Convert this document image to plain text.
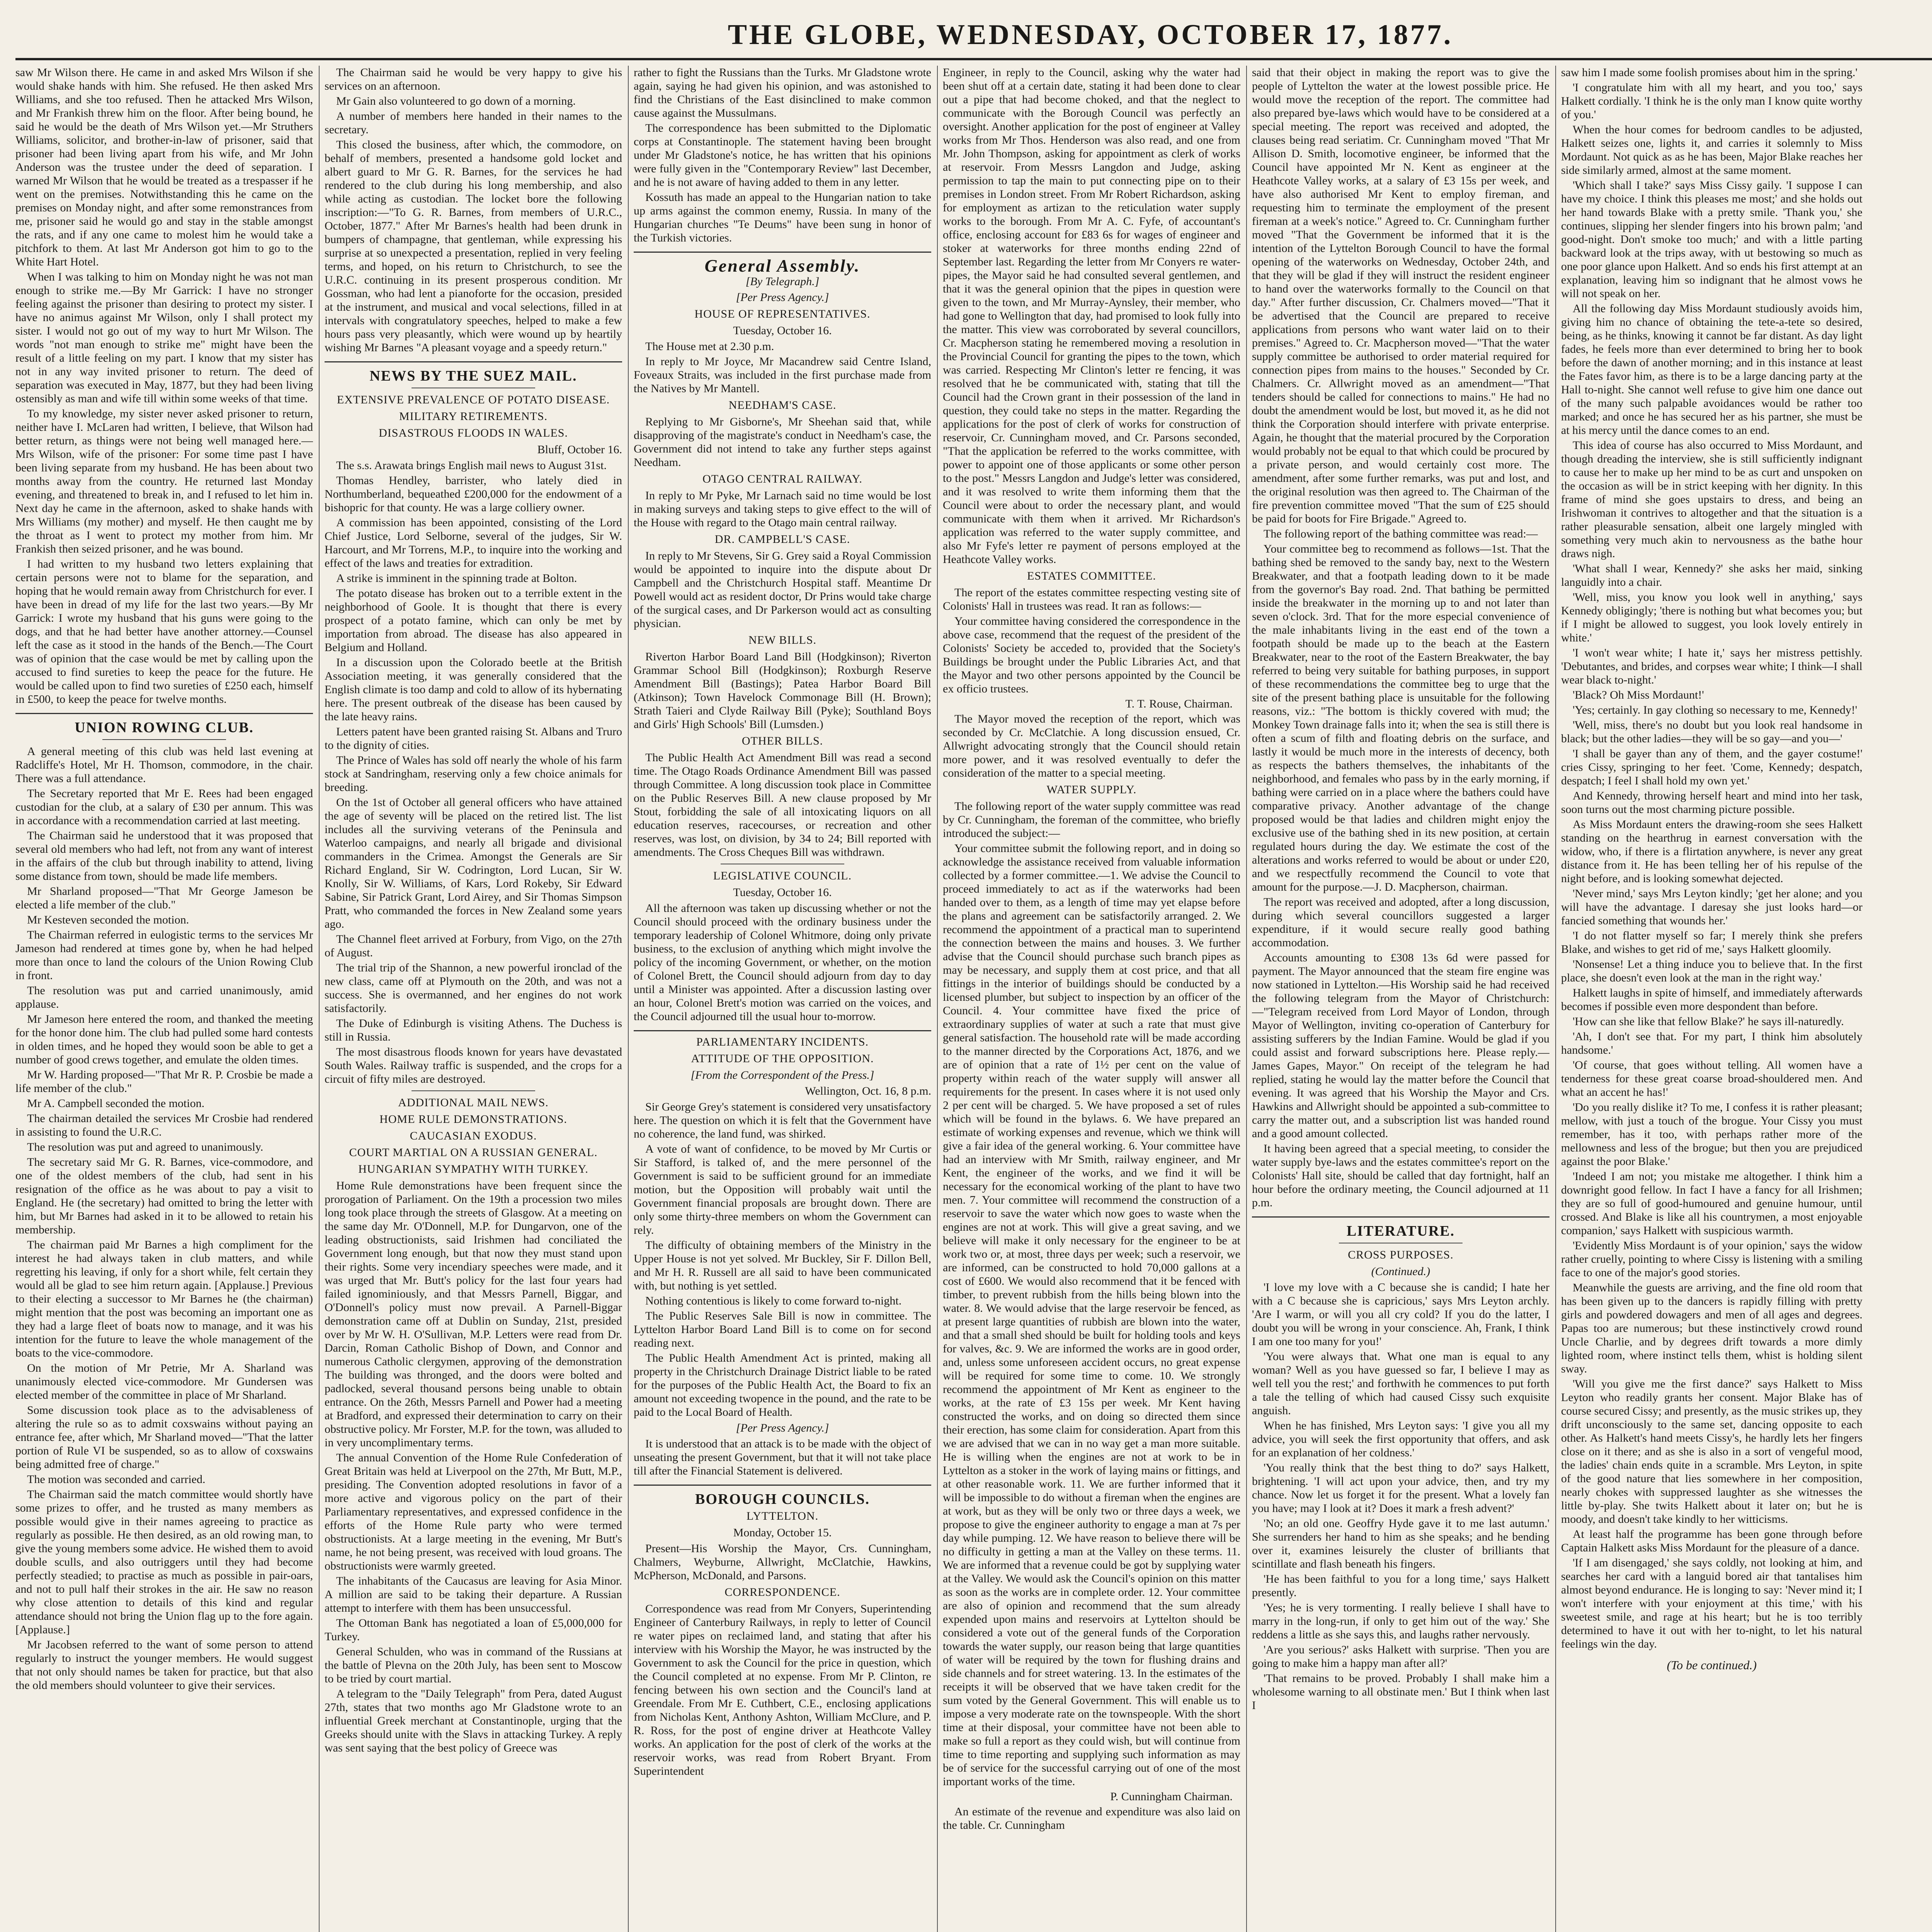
THE GLOBE, WEDNESDAY, OCTOBER 17, 1877.

saw Mr Wilson there. He came in and asked Mrs Wilson if she would shake hands with him. She refused. He then asked Mrs Williams, and she too refused. Then he attacked Mrs Wilson, and Mr Frankish threw him on the floor. After being bound, he said he would be the death of Mrs Wilson yet.—Mr Struthers Williams, solicitor, and brother-in-law of prisoner, said that prisoner had been living apart from his wife, and Mr John Anderson was the trustee under the deed of separation. I warned Mr Wilson that he would be treated as a trespasser if he went on the premises. Notwithstanding this he came on the premises on Monday night, and after some remonstrances from me, prisoner said he would go and stay in the stable amongst the rats, and if any one came to molest him he would take a pitchfork to them. At last Mr Anderson got him to go to the White Hart Hotel.

When I was talking to him on Monday night he was not man enough to strike me.—By Mr Garrick: I have no stronger feeling against the prisoner than desiring to protect my sister. I have no animus against Mr Wilson, only I shall protect my sister. I would not go out of my way to hurt Mr Wilson. The words "not man enough to strike me" might have been the result of a little feeling on my part. I know that my sister has not in any way invited prisoner to return. The deed of separation was executed in May, 1877, but they had been living ostensibly as man and wife till within some weeks of that time.

To my knowledge, my sister never asked prisoner to return, neither have I. McLaren had written, I believe, that Wilson had better return, as things were not being well managed here.—Mrs Wilson, wife of the prisoner: For some time past I have been living separate from my husband. He has been about two months away from the country. He returned last Monday evening, and threatened to break in, and I refused to let him in. Next day he came in the afternoon, asked to shake hands with Mrs Williams (my mother) and myself. He then caught me by the throat as I went to protect my mother from him. Mr Frankish then seized prisoner, and he was bound.

I had written to my husband two letters explaining that certain persons were not to blame for the separation, and hoping that he would remain away from Christchurch for ever. I have been in dread of my life for the last two years.—By Mr Garrick: I wrote my husband that his guns were going to the dogs, and that he had better have another attorney.—Counsel left the case as it stood in the hands of the Bench.—The Court was of opinion that the case would be met by calling upon the accused to find sureties to keep the peace for the future. He would be called upon to find two sureties of £250 each, himself in £500, to keep the peace for twelve months.

UNION ROWING CLUB.

A general meeting of this club was held last evening at Radcliffe's Hotel, Mr H. Thomson, commodore, in the chair. There was a full attendance.

The Secretary reported that Mr E. Rees had been engaged custodian for the club, at a salary of £30 per annum. This was in accordance with a recommendation carried at last meeting.

The Chairman said he understood that it was proposed that several old members who had left, not from any want of interest in the affairs of the club but through inability to attend, living some distance from town, should be made life members.

Mr Sharland proposed—"That Mr George Jameson be elected a life member of the club."

Mr Kesteven seconded the motion.

The Chairman referred in eulogistic terms to the services Mr Jameson had rendered at times gone by, when he had helped more than once to land the colours of the Union Rowing Club in front.

The resolution was put and carried unanimously, amid applause.

Mr Jameson here entered the room, and thanked the meeting for the honor done him. The club had pulled some hard contests in olden times, and he hoped they would soon be able to get a number of good crews together, and emulate the olden times.

Mr W. Harding proposed—"That Mr R. P. Crosbie be made a life member of the club."

Mr A. Campbell seconded the motion.

The chairman detailed the services Mr Crosbie had rendered in assisting to found the U.R.C.

The resolution was put and agreed to unanimously.

The secretary said Mr G. R. Barnes, vice-commodore, and one of the oldest members of the club, had sent in his resignation of the office as he was about to pay a visit to England. He (the secretary) had omitted to bring the letter with him, but Mr Barnes had asked in it to be allowed to retain his membership.

The chairman paid Mr Barnes a high compliment for the interest he had always taken in club matters, and while regretting his leaving, if only for a short while, felt certain they would all be glad to see him return again. [Applause.] Previous to their electing a successor to Mr Barnes he (the chairman) might mention that the post was becoming an important one as they had a large fleet of boats now to manage, and it was his intention for the future to leave the whole management of the boats to the vice-commodore.

On the motion of Mr Petrie, Mr A. Sharland was unanimously elected vice-commodore. Mr Gundersen was elected member of the committee in place of Mr Sharland.

Some discussion took place as to the advisableness of altering the rule so as to admit coxswains without paying an entrance fee, after which, Mr Sharland moved—"That the latter portion of Rule VI be suspended, so as to allow of coxswains being admitted free of charge."

The motion was seconded and carried.

The Chairman said the match committee would shortly have some prizes to offer, and he trusted as many members as possible would give in their names agreeing to practice as regularly as possible. He then desired, as an old rowing man, to give the young members some advice. He wished them to avoid double sculls, and also outriggers until they had become perfectly steadied; to practise as much as possible in pair-oars, and not to pull half their strokes in the air. He saw no reason why close attention to details of this kind and regular attendance should not bring the Union flag up to the fore again. [Applause.]

Mr Jacobsen referred to the want of some person to attend regularly to instruct the younger members. He would suggest that not only should names be taken for practice, but that also the old members should volunteer to give their services.

The Chairman said he would be very happy to give his services on an afternoon.

Mr Gain also volunteered to go down of a morning.

A number of members here handed in their names to the secretary.

This closed the business, after which, the commodore, on behalf of members, presented a handsome gold locket and albert guard to Mr G. R. Barnes, for the services he had rendered to the club during his long membership, and also while acting as custodian. The locket bore the following inscription:—"To G. R. Barnes, from members of U.R.C., October, 1877." After Mr Barnes's health had been drunk in bumpers of champagne, that gentleman, while expressing his surprise at so unexpected a presentation, replied in very feeling terms, and hoped, on his return to Christchurch, to see the U.R.C. continuing in its present prosperous condition. Mr Gossman, who had lent a pianoforte for the occasion, presided at the instrument, and musical and vocal selections, filled in at intervals with congratulatory speeches, helped to make a few hours pass very pleasantly, which were wound up by heartily wishing Mr Barnes "A pleasant voyage and a speedy return."

NEWS BY THE SUEZ MAIL.
EXTENSIVE PREVALENCE OF POTATO DISEASE.
MILITARY RETIREMENTS.
DISASTROUS FLOODS IN WALES.
Bluff, October 16.

The s.s. Arawata brings English mail news to August 31st.

Thomas Hendley, barrister, who lately died in Northumberland, bequeathed £200,000 for the endowment of a bishopric for that county. He was a large colliery owner.

A commission has been appointed, consisting of the Lord Chief Justice, Lord Selborne, several of the judges, Sir W. Harcourt, and Mr Torrens, M.P., to inquire into the working and effect of the laws and treaties for extradition.

A strike is imminent in the spinning trade at Bolton.

The potato disease has broken out to a terrible extent in the neighborhood of Goole. It is thought that there is every prospect of a potato famine, which can only be met by importation from abroad. The disease has also appeared in Belgium and Holland.

In a discussion upon the Colorado beetle at the British Association meeting, it was generally considered that the English climate is too damp and cold to allow of its hybernating here. The present outbreak of the disease has been caused by the late heavy rains.

Letters patent have been granted raising St. Albans and Truro to the dignity of cities.

The Prince of Wales has sold off nearly the whole of his farm stock at Sandringham, reserving only a few choice animals for breeding.

On the 1st of October all general officers who have attained the age of seventy will be placed on the retired list. The list includes all the surviving veterans of the Peninsula and Waterloo campaigns, and nearly all brigade and divisional commanders in the Crimea. Amongst the Generals are Sir Richard England, Sir W. Codrington, Lord Lucan, Sir W. Knolly, Sir W. Williams, of Kars, Lord Rokeby, Sir Edward Sabine, Sir Patrick Grant, Lord Airey, and Sir Thomas Simpson Pratt, who commanded the forces in New Zealand some years ago.

The Channel fleet arrived at Forbury, from Vigo, on the 27th of August.

The trial trip of the Shannon, a new powerful ironclad of the new class, came off at Plymouth on the 20th, and was not a success. She is overmanned, and her engines do not work satisfactorily.

The Duke of Edinburgh is visiting Athens. The Duchess is still in Russia.

The most disastrous floods known for years have devastated South Wales. Railway traffic is suspended, and the crops for a circuit of fifty miles are destroyed.

ADDITIONAL MAIL NEWS.
HOME RULE DEMONSTRATIONS.
CAUCASIAN EXODUS.
COURT MARTIAL ON A RUSSIAN GENERAL.
HUNGARIAN SYMPATHY WITH TURKEY.

Home Rule demonstrations have been frequent since the prorogation of Parliament. On the 19th a procession two miles long took place through the streets of Glasgow. At a meeting on the same day Mr. O'Donnell, M.P. for Dungarvon, one of the leading obstructionists, said Irishmen had conciliated the Government long enough, but that now they must stand upon their rights. Some very incendiary speeches were made, and it was urged that Mr. Butt's policy for the last four years had failed ignominiously, and that Messrs Parnell, Biggar, and O'Donnell's policy must now prevail. A Parnell-Biggar demonstration came off at Dublin on Sunday, 21st, presided over by Mr W. H. O'Sullivan, M.P. Letters were read from Dr. Darcin, Roman Catholic Bishop of Down, and Connor and numerous Catholic clergymen, approving of the demonstration The building was thronged, and the doors were bolted and padlocked, several thousand persons being unable to obtain entrance. On the 26th, Messrs Parnell and Power had a meeting at Bradford, and expressed their determination to carry on their obstructive policy. Mr Forster, M.P. for the town, was alluded to in very uncomplimentary terms.

The annual Convention of the Home Rule Confederation of Great Britain was held at Liverpool on the 27th, Mr Butt, M.P., presiding. The Convention adopted resolutions in favor of a more active and vigorous policy on the part of their Parliamentary representatives, and expressed confidence in the efforts of the Home Rule party who were termed obstructionists. At a large meeting in the evening, Mr Butt's name, he not being present, was received with loud groans. The obstructionists were warmly greeted.

The inhabitants of the Caucasus are leaving for Asia Minor. A million are said to be taking their departure. A Russian attempt to interfere with them has been unsuccessful.

The Ottoman Bank has negotiated a loan of £5,000,000 for Turkey.

General Schulden, who was in command of the Russians at the battle of Plevna on the 20th July, has been sent to Moscow to be tried by court martial.

A telegram to the "Daily Telegraph" from Pera, dated August 27th, states that two months ago Mr Gladstone wrote to an influential Greek merchant at Constantinople, urging that the Greeks should unite with the Slavs in attacking Turkey. A reply was sent saying that the best policy of Greece was

rather to fight the Russians than the Turks. Mr Gladstone wrote again, saying he had given his opinion, and was astonished to find the Christians of the East disinclined to make common cause against the Mussulmans.

The correspondence has been submitted to the Diplomatic corps at Constantinople. The statement having been brought under Mr Gladstone's notice, he has written that his opinions were fully given in the "Contemporary Review" last December, and he is not aware of having added to them in any letter.

Kossuth has made an appeal to the Hungarian nation to take up arms against the common enemy, Russia. In many of the Hungarian churches "Te Deums" have been sung in honor of the Turkish victories.

General Assembly.
[By Telegraph.]
[Per Press Agency.]
HOUSE OF REPRESENTATIVES.
Tuesday, October 16.

The House met at 2.30 p.m.

In reply to Mr Joyce, Mr Macandrew said Centre Island, Foveaux Straits, was included in the first purchase made from the Natives by Mr Mantell.

NEEDHAM'S CASE.

Replying to Mr Gisborne's, Mr Sheehan said that, while disapproving of the magistrate's conduct in Needham's case, the Government did not intend to take any further steps against Needham.

OTAGO CENTRAL RAILWAY.

In reply to Mr Pyke, Mr Larnach said no time would be lost in making surveys and taking steps to give effect to the will of the House with regard to the Otago main central railway.

DR. CAMPBELL'S CASE.

In reply to Mr Stevens, Sir G. Grey said a Royal Commission would be appointed to inquire into the dispute about Dr Campbell and the Christchurch Hospital staff. Meantime Dr Powell would act as resident doctor, Dr Prins would take charge of the surgical cases, and Dr Parkerson would act as consulting physician.

NEW BILLS.

Riverton Harbor Board Land Bill (Hodgkinson); Riverton Grammar School Bill (Hodgkinson); Roxburgh Reserve Amendment Bill (Bastings); Patea Harbor Board Bill (Atkinson); Town Havelock Commonage Bill (H. Brown); Strath Taieri and Clyde Railway Bill (Pyke); Southland Boys and Girls' High Schools' Bill (Lumsden.)

OTHER BILLS.

The Public Health Act Amendment Bill was read a second time. The Otago Roads Ordinance Amendment Bill was passed through Committee. A long discussion took place in Committee on the Public Reserves Bill. A new clause proposed by Mr Stout, forbidding the sale of all intoxicating liquors on all education reserves, racecourses, or recreation and other reserves, was lost, on division, by 34 to 24; Bill reported with amendments. The Cross Cheques Bill was withdrawn.

LEGISLATIVE COUNCIL.
Tuesday, October 16.

All the afternoon was taken up discussing whether or not the Council should proceed with the ordinary business under the temporary leadership of Colonel Whitmore, doing only private business, to the exclusion of anything which might involve the policy of the incoming Government, or whether, on the motion of Colonel Brett, the Council should adjourn from day to day until a Minister was appointed. After a discussion lasting over an hour, Colonel Brett's motion was carried on the voices, and the Council adjourned till the usual hour to-morrow.

PARLIAMENTARY INCIDENTS.
ATTITUDE OF THE OPPOSITION.
[From the Correspondent of the Press.]
Wellington, Oct. 16, 8 p.m.

Sir George Grey's statement is considered very unsatisfactory here. The question on which it is felt that the Government have no coherence, the land fund, was shirked.

A vote of want of confidence, to be moved by Mr Curtis or Sir Stafford, is talked of, and the mere personnel of the Government is said to be sufficient ground for an immediate motion, but the Opposition will probably wait until the Government financial proposals are brought down. There are only some thirty-three members on whom the Government can rely.

The difficulty of obtaining members of the Ministry in the Upper House is not yet solved. Mr Buckley, Sir F. Dillon Bell, and Mr H. R. Russell are all said to have been communicated with, but nothing is yet settled.

Nothing contentious is likely to come forward to-night.

The Public Reserves Sale Bill is now in committee. The Lyttelton Harbor Board Land Bill is to come on for second reading next.

The Public Health Amendment Act is printed, making all property in the Christchurch Drainage District liable to be rated for the purposes of the Public Health Act, the Board to fix an amount not exceeding twopence in the pound, and the rate to be paid to the Local Board of Health.

[Per Press Agency.]

It is understood that an attack is to be made with the object of unseating the present Government, but that it will not take place till after the Financial Statement is delivered.

BOROUGH COUNCILS.
LYTTELTON.
Monday, October 15.

Present—His Worship the Mayor, Crs. Cunningham, Chalmers, Weyburne, Allwright, McClatchie, Hawkins, McPherson, McDonald, and Parsons.

CORRESPONDENCE.

Correspondence was read from Mr Conyers, Superintending Engineer of Canterbury Railways, in reply to letter of Council re water pipes on reclaimed land, and stating that after his interview with his Worship the Mayor, he was instructed by the Government to ask the Council for the price in question, which the Council completed at no expense. From Mr P. Clinton, re fencing between his own section and the Council's land at Greendale. From Mr E. Cuthbert, C.E., enclosing applications from Nicholas Kent, Anthony Ashton, William McClure, and P. R. Ross, for the post of engine driver at Heathcote Valley works. An application for the post of clerk of the works at the reservoir works, was read from Robert Bryant. From Superintendent

Engineer, in reply to the Council, asking why the water had been shut off at a certain date, stating it had been done to clear out a pipe that had become choked, and that the neglect to communicate with the Borough Council was perfectly an oversight. Another application for the post of engineer at Valley works from Mr Thos. Henderson was also read, and one from Mr. John Thompson, asking for appointment as clerk of works at reservoir. From Messrs Langdon and Judge, asking permission to tap the main to put connecting pipe on to their premises in London street. From Mr Robert Richardson, asking for employment as artizan to the reticulation water supply works to the borough. From Mr A. C. Fyfe, of accountant's office, enclosing account for £83 6s for wages of engineer and stoker at waterworks for three months ending 22nd of September last. Regarding the letter from Mr Conyers re water-pipes, the Mayor said he had consulted several gentlemen, and that it was the general opinion that the pipes in question were given to the town, and Mr Murray-Aynsley, their member, who had gone to Wellington that day, had promised to look fully into the matter. This view was corroborated by several councillors, Cr. Macpherson stating he remembered moving a resolution in the Provincial Council for granting the pipes to the town, which was carried. Respecting Mr Clinton's letter re fencing, it was resolved that he be communicated with, stating that till the Council had the Crown grant in their possession of the land in question, they could take no steps in the matter. Regarding the applications for the post of clerk of works for construction of reservoir, Cr. Cunningham moved, and Cr. Parsons seconded, "That the application be referred to the works committee, with power to appoint one of those applicants or some other person to the post." Messrs Langdon and Judge's letter was considered, and it was resolved to write them informing them that the Council were about to order the necessary plant, and would communicate with them when it arrived. Mr Richardson's application was referred to the water supply committee, and also Mr Fyfe's letter re payment of persons employed at the Heathcote Valley works.

ESTATES COMMITTEE.

The report of the estates committee respecting vesting site of Colonists' Hall in trustees was read. It ran as follows:—

Your committee having considered the correspondence in the above case, recommend that the request of the president of the Colonists' Society be acceded to, provided that the Society's Buildings be brought under the Public Libraries Act, and that the Mayor and two other persons appointed by the Council be ex officio trustees.

T. T. Rouse, Chairman.

The Mayor moved the reception of the report, which was seconded by Cr. McClatchie. A long discussion ensued, Cr. Allwright advocating strongly that the Council should retain more power, and it was resolved eventually to defer the consideration of the matter to a special meeting.

WATER SUPPLY.

The following report of the water supply committee was read by Cr. Cunningham, the foreman of the committee, who briefly introduced the subject:—

Your committee submit the following report, and in doing so acknowledge the assistance received from valuable information collected by a former committee.—1. We advise the Council to proceed immediately to act as if the waterworks had been handed over to them, as a length of time may yet elapse before the plans and agreement can be satisfactorily arranged. 2. We recommend the appointment of a practical man to superintend the connection between the mains and houses. 3. We further advise that the Council should purchase such branch pipes as may be necessary, and supply them at cost price, and that all fittings in the interior of buildings should be conducted by a licensed plumber, but subject to inspection by an officer of the Council. 4. Your committee have fixed the price of extraordinary supplies of water at such a rate that must give general satisfaction. The household rate will be made according to the manner directed by the Corporations Act, 1876, and we are of opinion that a rate of 1½ per cent on the value of property within reach of the water supply will answer all requirements for the present. In cases where it is not used only 2 per cent will be charged. 5. We have proposed a set of rules which will be found in the bylaws. 6. We have prepared an estimate of working expenses and revenue, which we think will give a fair idea of the general working. 6. Your committee have had an interview with Mr Smith, railway engineer, and Mr Kent, the engineer of the works, and we find it will be necessary for the economical working of the plant to have two men. 7. Your committee will recommend the construction of a reservoir to save the water which now goes to waste when the engines are not at work. This will give a great saving, and we believe will make it only necessary for the engineer to be at work two or, at most, three days per week; such a reservoir, we are informed, can be constructed to hold 70,000 gallons at a cost of £600. We would also recommend that it be fenced with timber, to prevent rubbish from the hills being blown into the water. 8. We would advise that the large reservoir be fenced, as at present large quantities of rubbish are blown into the water, and that a small shed should be built for holding tools and keys for valves, &c. 9. We are informed the works are in good order, and, unless some unforeseen accident occurs, no great expense will be required for some time to come. 10. We strongly recommend the appointment of Mr Kent as engineer to the works, at the rate of £3 15s per week. Mr Kent having constructed the works, and on doing so directed them since their erection, has some claim for consideration. Apart from this we are advised that we can in no way get a man more suitable. He is willing when the engines are not at work to be in Lyttelton as a stoker in the work of laying mains or fittings, and at other reasonable work. 11. We are further informed that it will be impossible to do without a fireman when the engines are at work, but as they will be only two or three days a week, we propose to give the engineer authority to engage a man at 7s per day while pumping. 12. We have reason to believe there will be no difficulty in getting a man at the Valley on these terms. 11. We are informed that a revenue could be got by supplying water at the Valley. We would ask the Council's opinion on this matter as soon as the works are in complete order. 12. Your committee are also of opinion and recommend that the sum already expended upon mains and reservoirs at Lyttelton should be considered a vote out of the general funds of the Corporation towards the water supply, our reason being that large quantities of water will be required by the town for flushing drains and side channels and for street watering. 13. In the estimates of the receipts it will be observed that we have taken credit for the sum voted by the General Government. This will enable us to impose a very moderate rate on the townspeople. With the short time at their disposal, your committee have not been able to make so full a report as they could wish, but will continue from time to time reporting and supplying such information as may be of service for the successful carrying out of one of the most important works of the time.

P. Cunningham Chairman.

An estimate of the revenue and expenditure was also laid on the table. Cr. Cunningham

said that their object in making the report was to give the people of Lyttelton the water at the lowest possible price. He would move the reception of the report. The committee had also prepared bye-laws which would have to be considered at a special meeting. The report was received and adopted, the clauses being read seriatim. Cr. Cunningham moved "That Mr Allison D. Smith, locomotive engineer, be informed that the Council have appointed Mr N. Kent as engineer at the Heathcote Valley works, at a salary of £3 15s per week, and have also authorised Mr Kent to employ fireman, and requesting him to terminate the employment of the present fireman at a week's notice." Agreed to. Cr. Cunningham further moved "That the Government be informed that it is the intention of the Lyttelton Borough Council to have the formal opening of the waterworks on Wednesday, October 24th, and that they will be glad if they will instruct the resident engineer to hand over the waterworks formally to the Council on that day." After further discussion, Cr. Chalmers moved—"That it be advertised that the Council are prepared to receive applications from persons who want water laid on to their premises." Agreed to. Cr. Macpherson moved—"That the water supply committee be authorised to order material required for connection pipes from mains to the houses." Seconded by Cr. Chalmers. Cr. Allwright moved as an amendment—"That tenders should be called for connections to mains." He had no doubt the amendment would be lost, but moved it, as he did not think the Corporation should interfere with private enterprise. Again, he thought that the material procured by the Corporation would probably not be equal to that which could be procured by a private person, and would certainly cost more. The amendment, after some further remarks, was put and lost, and the original resolution was then agreed to. The Chairman of the fire prevention committee moved "That the sum of £25 should be paid for boots for Fire Brigade." Agreed to.

The following report of the bathing committee was read:—

Your committee beg to recommend as follows—1st. That the bathing shed be removed to the sandy bay, next to the Western Breakwater, and that a footpath leading down to it be made from the governor's Bay road. 2nd. That bathing be permitted inside the breakwater in the morning up to and not later than seven o'clock. 3rd. That for the more especial convenience of the male inhabitants living in the east end of the town a footpath should be made up to the beach at the Eastern Breakwater, near to the root of the Eastern Breakwater, the bay referred to being very suitable for bathing purposes, in support of these recommendations the committee beg to urge that the site of the present bathing place is unsuitable for the following reasons, viz.: "The bottom is thickly covered with mud; the Monkey Town drainage falls into it; when the sea is still there is often a scum of filth and floating debris on the surface, and lastly it would be much more in the interests of decency, both as respects the bathers themselves, the inhabitants of the neighborhood, and females who pass by in the early morning, if bathing were carried on in a place where the bathers could have comparative privacy. Another advantage of the change proposed would be that ladies and children might enjoy the exclusive use of the bathing shed in its new position, at certain regulated hours during the day. We estimate the cost of the alterations and works referred to would be about or under £20, and we respectfully recommend the Council to vote that amount for the purpose.—J. D. Macpherson, chairman.

The report was received and adopted, after a long discussion, during which several councillors suggested a larger expenditure, if it would secure really good bathing accommodation.

Accounts amounting to £308 13s 6d were passed for payment. The Mayor announced that the steam fire engine was now stationed in Lyttelton.—His Worship said he had received the following telegram from the Mayor of Christchurch:—"Telegram received from Lord Mayor of London, through Mayor of Wellington, inviting co-operation of Canterbury for assisting sufferers by the Indian Famine. Would be glad if you could assist and forward subscriptions here. Please reply.—James Gapes, Mayor." On receipt of the telegram he had replied, stating he would lay the matter before the Council that evening. It was agreed that his Worship the Mayor and Crs. Hawkins and Allwright should be appointed a sub-committee to carry the matter out, and a subscription list was handed round and a good amount collected.

It having been agreed that a special meeting, to consider the water supply bye-laws and the estates committee's report on the Colonists' Hall site, should be called that day fortnight, half an hour before the ordinary meeting, the Council adjourned at 11 p.m.

LITERATURE.
CROSS PURPOSES.
(Continued.)

'I love my love with a C because she is candid; I hate her with a C because she is capricious,' says Mrs Leyton archly. 'Are I warm, or will you all cry cold? If you do the latter, I doubt you will be wrong in your conscience. Ah, Frank, I think I am one too many for you!'

'You were always that. What one man is equal to any woman? Well as you have guessed so far, I believe I may as well tell you the rest;' and forthwith he commences to put forth a tale the telling of which had caused Cissy such exquisite anguish.

When he has finished, Mrs Leyton says: 'I give you all my advice, you will seek the first opportunity that offers, and ask for an explanation of her coldness.'

'You really think that the best thing to do?' says Halkett, brightening. 'I will act upon your advice, then, and try my chance. Now let us forget it for the present. What a lovely fan you have; may I look at it? Does it mark a fresh advent?'

'No; an old one. Geoffry Hyde gave it to me last autumn.' She surrenders her hand to him as she speaks; and he bending over it, examines leisurely the cluster of brilliants that scintillate and flash beneath his fingers.

'He has been faithful to you for a long time,' says Halkett presently.

'Yes; he is very tormenting. I really believe I shall have to marry in the long-run, if only to get him out of the way.' She reddens a little as she says this, and laughs rather nervously.

'Are you serious?' asks Halkett with surprise. 'Then you are going to make him a happy man after all?'

'That remains to be proved. Probably I shall make him a wholesome warning to all obstinate men.' But I think when last I

saw him I made some foolish promises about him in the spring.'

'I congratulate him with all my heart, and you too,' says Halkett cordially. 'I think he is the only man I know quite worthy of you.'

When the hour comes for bedroom candles to be adjusted, Halkett seizes one, lights it, and carries it solemnly to Miss Mordaunt. Not quick as as he has been, Major Blake reaches her side similarly armed, almost at the same moment.

'Which shall I take?' says Miss Cissy gaily. 'I suppose I can have my choice. I think this pleases me most;' and she holds out her hand towards Blake with a pretty smile. 'Thank you,' she continues, slipping her slender fingers into his brown palm; 'and good-night. Don't smoke too much;' and with a little parting backward look at the trips away, with ut bestowing so much as one poor glance upon Halkett. And so ends his first attempt at an explanation, leaving him so indignant that he almost vows he will not speak on her.

All the following day Miss Mordaunt studiously avoids him, giving him no chance of obtaining the tete-a-tete so desired, being, as he thinks, knowing it cannot be far distant. As day light fades, he feels more than ever determined to bring her to book before the dawn of another morning; and in this instance at least the Fates favor him, as there is to be a large dancing party at the Hall to-night. She cannot well refuse to give him one dance out of the many such palpable avoidances would be rather too marked; and once he has secured her as his partner, she must be at his mercy until the dance comes to an end.

This idea of course has also occurred to Miss Mordaunt, and though dreading the interview, she is still sufficiently indignant to cause her to make up her mind to be as curt and unspoken on the occasion as will be in strict keeping with her dignity. In this frame of mind she goes upstairs to dress, and being an Irishwoman it contrives to altogether and that the situation is a rather pleasurable sensation, albeit one largely mingled with something very much akin to nervousness as the bathe hour draws nigh.

'What shall I wear, Kennedy?' she asks her maid, sinking languidly into a chair.

'Well, miss, you know you look well in anything,' says Kennedy obligingly; 'there is nothing but what becomes you; but if I might be allowed to suggest, you look lovely entirely in white.'

'I won't wear white; I hate it,' says her mistress pettishly. 'Debutantes, and brides, and corpses wear white; I think—I shall wear black to-night.'

'Black? Oh Miss Mordaunt!'

'Yes; certainly. In gay clothing so necessary to me, Kennedy!'

'Well, miss, there's no doubt but you look real handsome in black; but the other ladies—they will be so gay—and you—'

'I shall be gayer than any of them, and the gayer costume!' cries Cissy, springing to her feet. 'Come, Kennedy; despatch, despatch; I feel I shall hold my own yet.'

And Kennedy, throwing herself heart and mind into her task, soon turns out the most charming picture possible.

As Miss Mordaunt enters the drawing-room she sees Halkett standing on the hearthrug in earnest conversation with the widow, who, if there is a flirtation anywhere, is never any great distance from it. He has been telling her of his repulse of the night before, and is looking somewhat dejected.

'Never mind,' says Mrs Leyton kindly; 'get her alone; and you will have the advantage. I daresay she just looks hard—or fancied something that wounds her.'

'I do not flatter myself so far; I merely think she prefers Blake, and wishes to get rid of me,' says Halkett gloomily.

'Nonsense! Let a thing induce you to believe that. In the first place, she doesn't even look at the man in the right way.'

Halkett laughs in spite of himself, and immediately afterwards becomes if possible even more despondent than before.

'How can she like that fellow Blake?' he says ill-naturedly.

'Ah, I don't see that. For my part, I think him absolutely handsome.'

'Of course, that goes without telling. All women have a tenderness for these great coarse broad-shouldered men. And what an accent he has!'

'Do you really dislike it? To me, I confess it is rather pleasant; mellow, with just a touch of the brogue. Your Cissy you must remember, has it too, with perhaps rather more of the mellowness and less of the brogue; but then you are prejudiced against the poor Blake.'

'Indeed I am not; you mistake me altogether. I think him a downright good fellow. In fact I have a fancy for all Irishmen; they are so full of good-humoured and genuine humour, until crossed. And Blake is like all his countrymen, a most enjoyable companion,' says Halkett with suspicious warmth.

'Evidently Miss Mordaunt is of your opinion,' says the widow rather cruelly, pointing to where Cissy is listening with a smiling face to one of the major's good stories.

Meanwhile the guests are arriving, and the fine old room that has been given up to the dancers is rapidly filling with pretty girls and powdered dowagers and men of all ages and degrees. Papas too are numerous; but these instinctively crowd round Uncle Charlie, and by degrees drift towards a more dimly lighted room, where instinct tells them, whist is holding silent sway.

'Will you give me the first dance?' says Halkett to Miss Leyton who readily grants her consent. Major Blake has of course secured Cissy; and presently, as the music strikes up, they drift unconsciously to the same set, dancing opposite to each other. As Halkett's hand meets Cissy's, he hardly lets her fingers close on it there; and as she is also in a sort of vengeful mood, the ladies' chain ends quite in a scramble. Mrs Leyton, in spite of the good nature that lies somewhere in her composition, nearly chokes with suppressed laughter as she witnesses the little by-play. She twits Halkett about it later on; but he is moody, and doesn't take kindly to her witticisms.

At least half the programme has been gone through before Captain Halkett asks Miss Mordaunt for the pleasure of a dance.

'If I am disengaged,' she says coldly, not looking at him, and searches her card with a languid bored air that tantalises him almost beyond endurance. He is longing to say: 'Never mind it; I won't interfere with your enjoyment at this time,' with his sweetest smile, and rage at his heart; but he is too terribly determined to have it out with her to-night, to let his natural feelings win the day.

(To be continued.)
